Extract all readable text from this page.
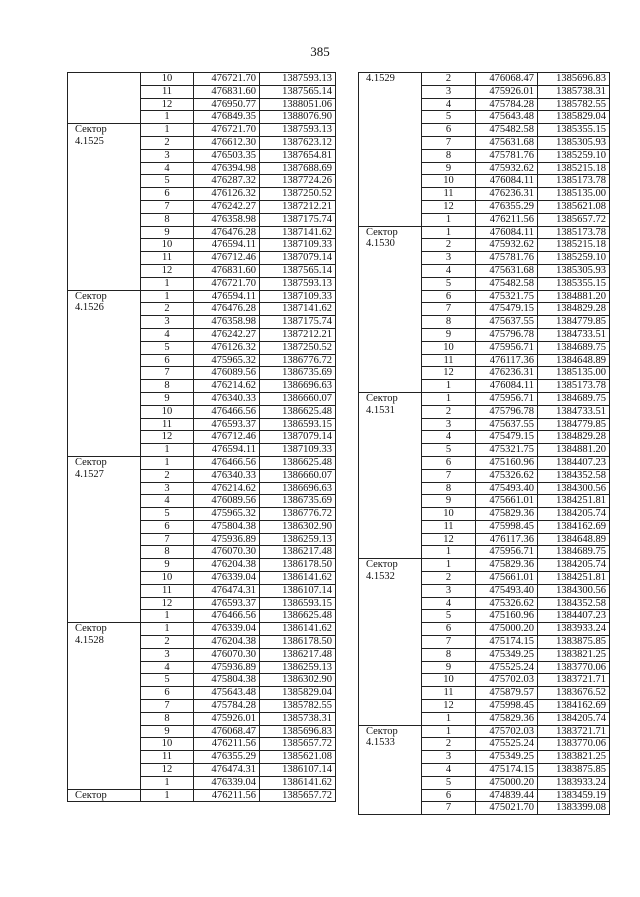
385
	10	476721.70	1387593.13
	11	476831.60	1387565.14
	12	476950.77	1388051.06
	1	476849.35	1388076.90
Сектор 4.1525	1	476721.70	1387593.13
	2	476612.30	1387623.12
	3	476503.35	1387654.81
	4	476394.98	1387688.69
	5	476287.32	1387724.26
	6	476126.32	1387250.52
	7	476242.27	1387212.21
	8	476358.98	1387175.74
	9	476476.28	1387141.62
	10	476594.11	1387109.33
	11	476712.46	1387079.14
	12	476831.60	1387565.14
	1	476721.70	1387593.13
Сектор 4.1526	1	476594.11	1387109.33
	2	476476.28	1387141.62
	3	476358.98	1387175.74
	4	476242.27	1387212.21
	5	476126.32	1387250.52
	6	475965.32	1386776.72
	7	476089.56	1386735.69
	8	476214.62	1386696.63
	9	476340.33	1386660.07
	10	476466.56	1386625.48
	11	476593.37	1386593.15
	12	476712.46	1387079.14
	1	476594.11	1387109.33
Сектор 4.1527	1	476466.56	1386625.48
	2	476340.33	1386660.07
	3	476214.62	1386696.63
	4	476089.56	1386735.69
	5	475965.32	1386776.72
	6	475804.38	1386302.90
	7	475936.89	1386259.13
	8	476070.30	1386217.48
	9	476204.38	1386178.50
	10	476339.04	1386141.62
	11	476474.31	1386107.14
	12	476593.37	1386593.15
	1	476466.56	1386625.48
Сектор 4.1528	1	476339.04	1386141.62
	2	476204.38	1386178.50
	3	476070.30	1386217.48
	4	475936.89	1386259.13
	5	475804.38	1386302.90
	6	475643.48	1385829.04
	7	475784.28	1385782.55
	8	475926.01	1385738.31
	9	476068.47	1385696.83
	10	476211.56	1385657.72
	11	476355.29	1385621.08
	12	476474.31	1386107.14
	1	476339.04	1386141.62
Сектор	1	476211.56	1385657.72
4.1529	2	476068.47	1385696.83
	3	475926.01	1385738.31
	4	475784.28	1385782.55
	5	475643.48	1385829.04
	6	475482.58	1385355.15
	7	475631.68	1385305.93
	8	475781.76	1385259.10
	9	475932.62	1385215.18
	10	476084.11	1385173.78
	11	476236.31	1385135.00
	12	476355.29	1385621.08
	1	476211.56	1385657.72
Сектор 4.1530	1	476084.11	1385173.78
	2	475932.62	1385215.18
	3	475781.76	1385259.10
	4	475631.68	1385305.93
	5	475482.58	1385355.15
	6	475321.75	1384881.20
	7	475479.15	1384829.28
	8	475637.55	1384779.85
	9	475796.78	1384733.51
	10	475956.71	1384689.75
	11	476117.36	1384648.89
	12	476236.31	1385135.00
	1	476084.11	1385173.78
Сектор 4.1531	1	475956.71	1384689.75
	2	475796.78	1384733.51
	3	475637.55	1384779.85
	4	475479.15	1384829.28
	5	475321.75	1384881.20
	6	475160.96	1384407.23
	7	475326.62	1384352.58
	8	475493.40	1384300.56
	9	475661.01	1384251.81
	10	475829.36	1384205.74
	11	475998.45	1384162.69
	12	476117.36	1384648.89
	1	475956.71	1384689.75
Сектор 4.1532	1	475829.36	1384205.74
	2	475661.01	1384251.81
	3	475493.40	1384300.56
	4	475326.62	1384352.58
	5	475160.96	1384407.23
	6	475000.20	1383933.24
	7	475174.15	1383875.85
	8	475349.25	1383821.25
	9	475525.24	1383770.06
	10	475702.03	1383721.71
	11	475879.57	1383676.52
	12	475998.45	1384162.69
	1	475829.36	1384205.74
Сектор 4.1533	1	475702.03	1383721.71
	2	475525.24	1383770.06
	3	475349.25	1383821.25
	4	475174.15	1383875.85
	5	475000.20	1383933.24
	6	474839.44	1383459.19
	7	475021.70	1383399.08
